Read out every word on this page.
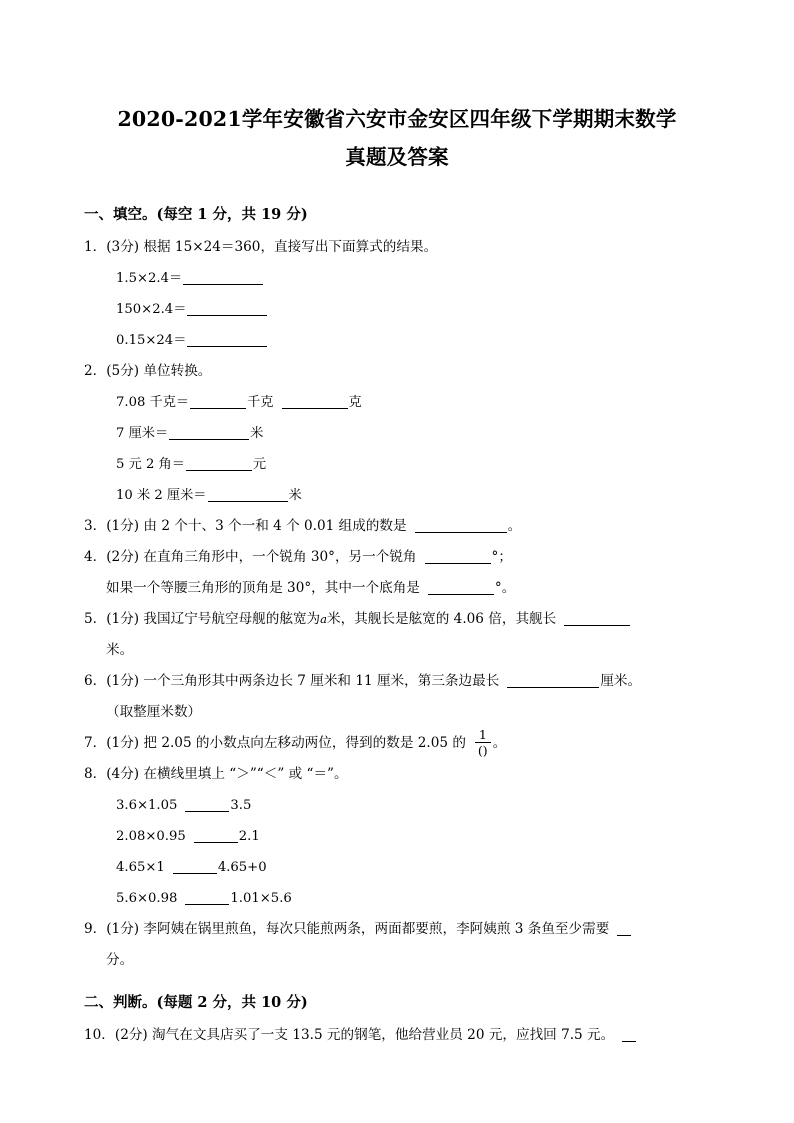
2020-2021学年安徽省六安市金安区四年级下学期期末数学
真题及答案
一、填空。(每空 1 分，共 19 分)
1．(3分) 根据 15×24＝360，直接写出下面算式的结果。
1.5×2.4＝
150×2.4＝
0.15×24＝
2．(5分) 单位转换。
7.08 千克＝	千克	克
7 厘米＝	米
5 元 2 角＝	元
10 米 2 厘米＝	米
3．(1分) 由 2 个十、3 个一和 4 个 0.01 组成的数是	。
4．(2分) 在直角三角形中，一个锐角 30°，另一个锐角	°；
如果一个等腰三角形的顶角是 30°，其中一个底角是	°。
5．(1分) 我国辽宁号航空母舰的舷宽为a米，其舰长是舷宽的 4.06 倍，其舰长
米。
6．(1分) 一个三角形其中两条边长 7 厘米和 11 厘米，第三条边最长	厘米。
（取整厘米数）
7．(1分) 把 2.05 的小数点向左移动两位，得到的数是 2.05 的 $\frac{1}{()}$ 。
8．(4分) 在横线里填上 “＞”“＜” 或 “＝”。
3.6×1.05	3.5
2.08×0.95	2.1
4.65×1	4.65+0
5.6×0.98	1.01×5.6
9．(1分) 李阿姨在锅里煎鱼，每次只能煎两条，两面都要煎，李阿姨煎 3 条鱼至少需要
分。
二、判断。(每题 2 分，共 10 分)
10．(2分) 淘气在文具店买了一支 13.5 元的钢笔，他给营业员 20 元，应找回 7.5 元。
